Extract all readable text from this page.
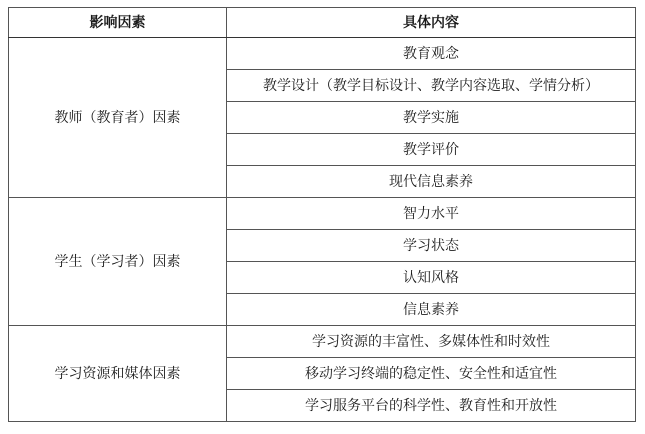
影响因素	具体内容
教师（教育者）因素	教育观念
	教学设计（教学目标设计、教学内容选取、学情分析）
	教学实施
	教学评价
	现代信息素养
学生（学习者）因素	智力水平
	学习状态
	认知风格
	信息素养
学习资源和媒体因素	学习资源的丰富性、多媒体性和时效性
	移动学习终端的稳定性、安全性和适宜性
	学习服务平台的科学性、教育性和开放性
